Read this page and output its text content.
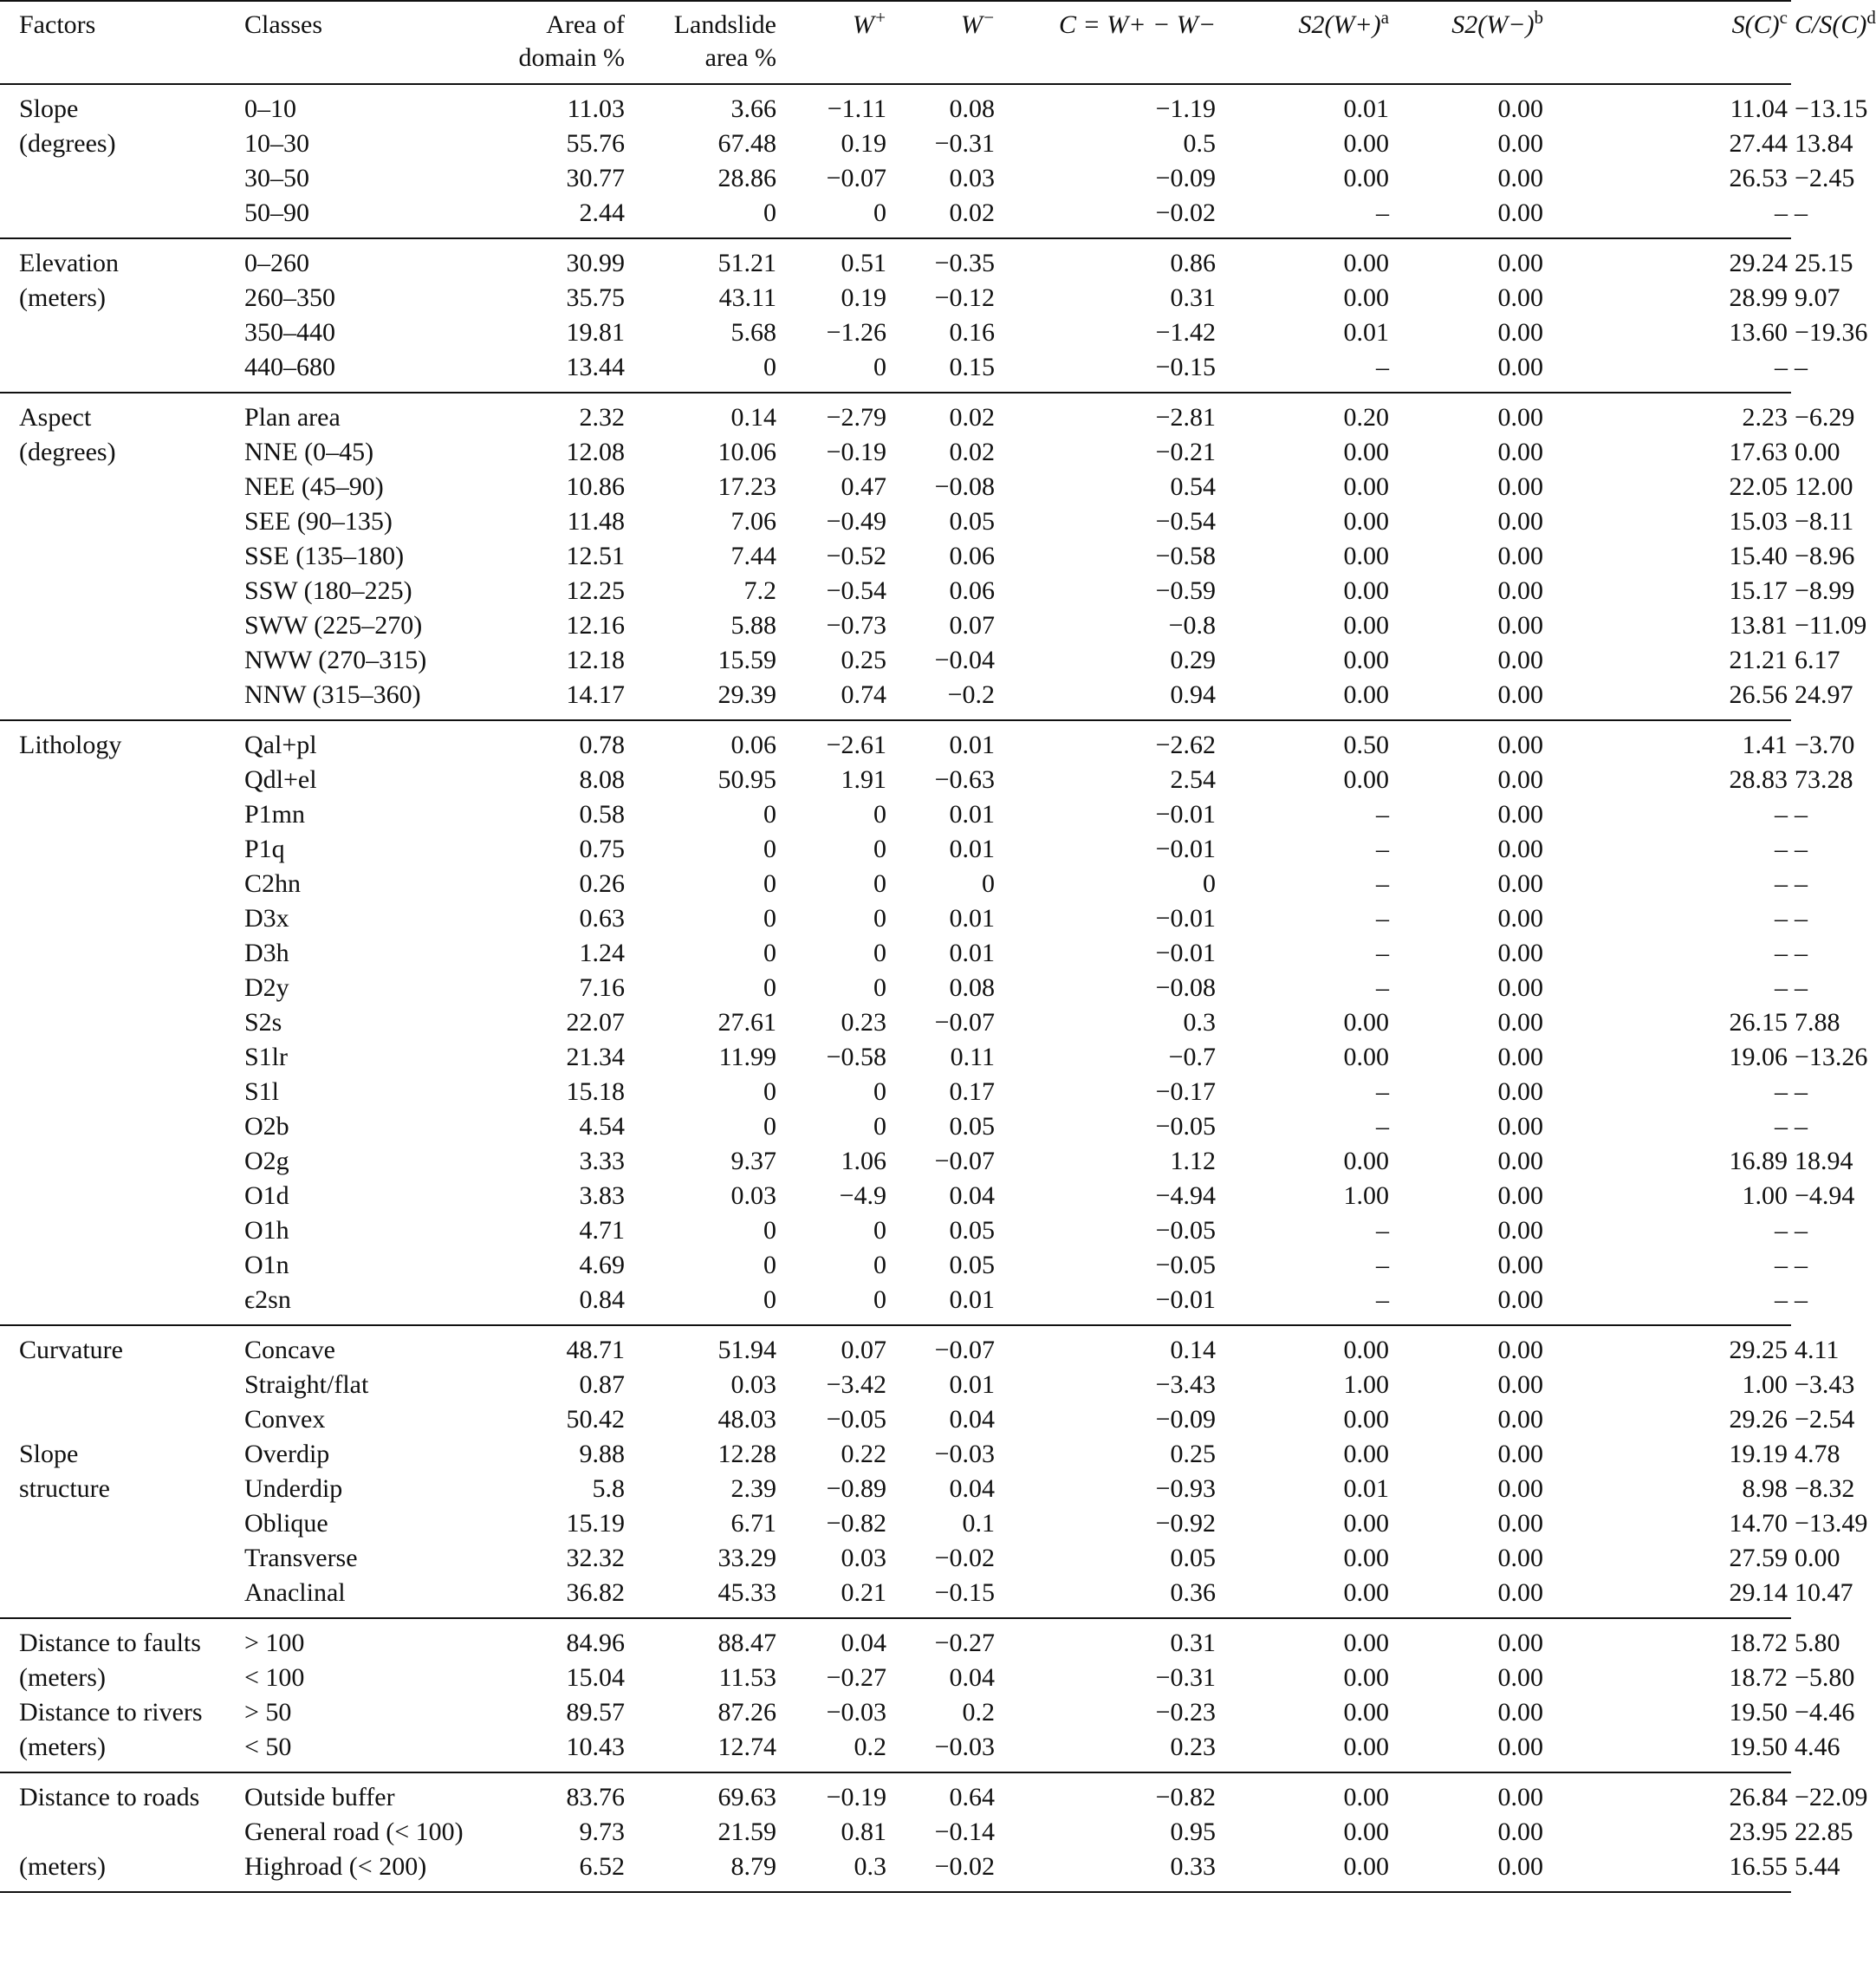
Factors	Classes	Area of domain %	Landslide area %	W+	W−	C = W+ − W−	$S2(W+)^a$	$S2(W-)^b$	$S(C)^c$	$C/S(C)^d$
Slope	0–10	11.03	3.66	−1.11	0.08	−1.19	0.01	0.00	11.04	−13.15
(degrees)	10–30	55.76	67.48	0.19	−0.31	0.5	0.00	0.00	27.44	13.84
	30–50	30.77	28.86	−0.07	0.03	−0.09	0.00	0.00	26.53	−2.45
	50–90	2.44	0	0	0.02	−0.02	–	0.00	–	–
Elevation	0–260	30.99	51.21	0.51	−0.35	0.86	0.00	0.00	29.24	25.15
(meters)	260–350	35.75	43.11	0.19	−0.12	0.31	0.00	0.00	28.99	9.07
	350–440	19.81	5.68	−1.26	0.16	−1.42	0.01	0.00	13.60	−19.36
	440–680	13.44	0	0	0.15	−0.15	–	0.00	–	–
Aspect	Plan area	2.32	0.14	−2.79	0.02	−2.81	0.20	0.00	2.23	−6.29
(degrees)	NNE (0–45)	12.08	10.06	−0.19	0.02	−0.21	0.00	0.00	17.63	0.00
	NEE (45–90)	10.86	17.23	0.47	−0.08	0.54	0.00	0.00	22.05	12.00
	SEE (90–135)	11.48	7.06	−0.49	0.05	−0.54	0.00	0.00	15.03	−8.11
	SSE (135–180)	12.51	7.44	−0.52	0.06	−0.58	0.00	0.00	15.40	−8.96
	SSW (180–225)	12.25	7.2	−0.54	0.06	−0.59	0.00	0.00	15.17	−8.99
	SWW (225–270)	12.16	5.88	−0.73	0.07	−0.8	0.00	0.00	13.81	−11.09
	NWW (270–315)	12.18	15.59	0.25	−0.04	0.29	0.00	0.00	21.21	6.17
	NNW (315–360)	14.17	29.39	0.74	−0.2	0.94	0.00	0.00	26.56	24.97
Lithology	Qal+pl	0.78	0.06	−2.61	0.01	−2.62	0.50	0.00	1.41	−3.70
	Qdl+el	8.08	50.95	1.91	−0.63	2.54	0.00	0.00	28.83	73.28
	P1mn	0.58	0	0	0.01	−0.01	–	0.00	–	–
	P1q	0.75	0	0	0.01	−0.01	–	0.00	–	–
	C2hn	0.26	0	0	0	0	–	0.00	–	–
	D3x	0.63	0	0	0.01	−0.01	–	0.00	–	–
	D3h	1.24	0	0	0.01	−0.01	–	0.00	–	–
	D2y	7.16	0	0	0.08	−0.08	–	0.00	–	–
	S2s	22.07	27.61	0.23	−0.07	0.3	0.00	0.00	26.15	7.88
	S1lr	21.34	11.99	−0.58	0.11	−0.7	0.00	0.00	19.06	−13.26
	S1l	15.18	0	0	0.17	−0.17	–	0.00	–	–
	O2b	4.54	0	0	0.05	−0.05	–	0.00	–	–
	O2g	3.33	9.37	1.06	−0.07	1.12	0.00	0.00	16.89	18.94
	O1d	3.83	0.03	−4.9	0.04	−4.94	1.00	0.00	1.00	−4.94
	O1h	4.71	0	0	0.05	−0.05	–	0.00	–	–
	O1n	4.69	0	0	0.05	−0.05	–	0.00	–	–
	ϵ2sn	0.84	0	0	0.01	−0.01	–	0.00	–	–
Curvature	Concave	48.71	51.94	0.07	−0.07	0.14	0.00	0.00	29.25	4.11
	Straight/flat	0.87	0.03	−3.42	0.01	−3.43	1.00	0.00	1.00	−3.43
	Convex	50.42	48.03	−0.05	0.04	−0.09	0.00	0.00	29.26	−2.54
Slope	Overdip	9.88	12.28	0.22	−0.03	0.25	0.00	0.00	19.19	4.78
structure	Underdip	5.8	2.39	−0.89	0.04	−0.93	0.01	0.00	8.98	−8.32
	Oblique	15.19	6.71	−0.82	0.1	−0.92	0.00	0.00	14.70	−13.49
	Transverse	32.32	33.29	0.03	−0.02	0.05	0.00	0.00	27.59	0.00
	Anaclinal	36.82	45.33	0.21	−0.15	0.36	0.00	0.00	29.14	10.47
Distance to faults	> 100	84.96	88.47	0.04	−0.27	0.31	0.00	0.00	18.72	5.80
(meters)	< 100	15.04	11.53	−0.27	0.04	−0.31	0.00	0.00	18.72	−5.80
Distance to rivers	> 50	89.57	87.26	−0.03	0.2	−0.23	0.00	0.00	19.50	−4.46
(meters)	< 50	10.43	12.74	0.2	−0.03	0.23	0.00	0.00	19.50	4.46
Distance to roads	Outside buffer	83.76	69.63	−0.19	0.64	−0.82	0.00	0.00	26.84	−22.09
	General road (< 100)	9.73	21.59	0.81	−0.14	0.95	0.00	0.00	23.95	22.85
(meters)	Highroad (< 200)	6.52	8.79	0.3	−0.02	0.33	0.00	0.00	16.55	5.44
